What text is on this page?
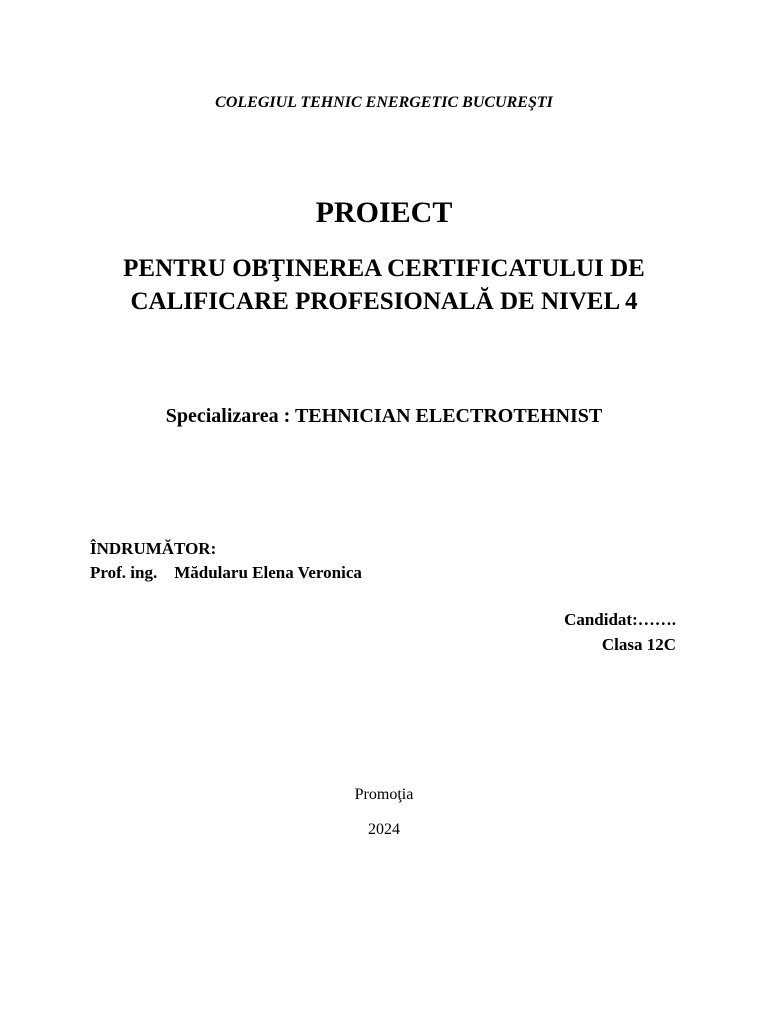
COLEGIUL TEHNIC ENERGETIC BUCUREŞTI
PROIECT
PENTRU OBŢINEREA CERTIFICATULUI DE
CALIFICARE PROFESIONALĂ DE NIVEL 4
Specializarea : TEHNICIAN ELECTROTEHNIST
ÎNDRUMĂTOR:
Prof. ing. Mădularu Elena Veronica
Candidat:…….
Clasa 12C
Promoţia
2024
